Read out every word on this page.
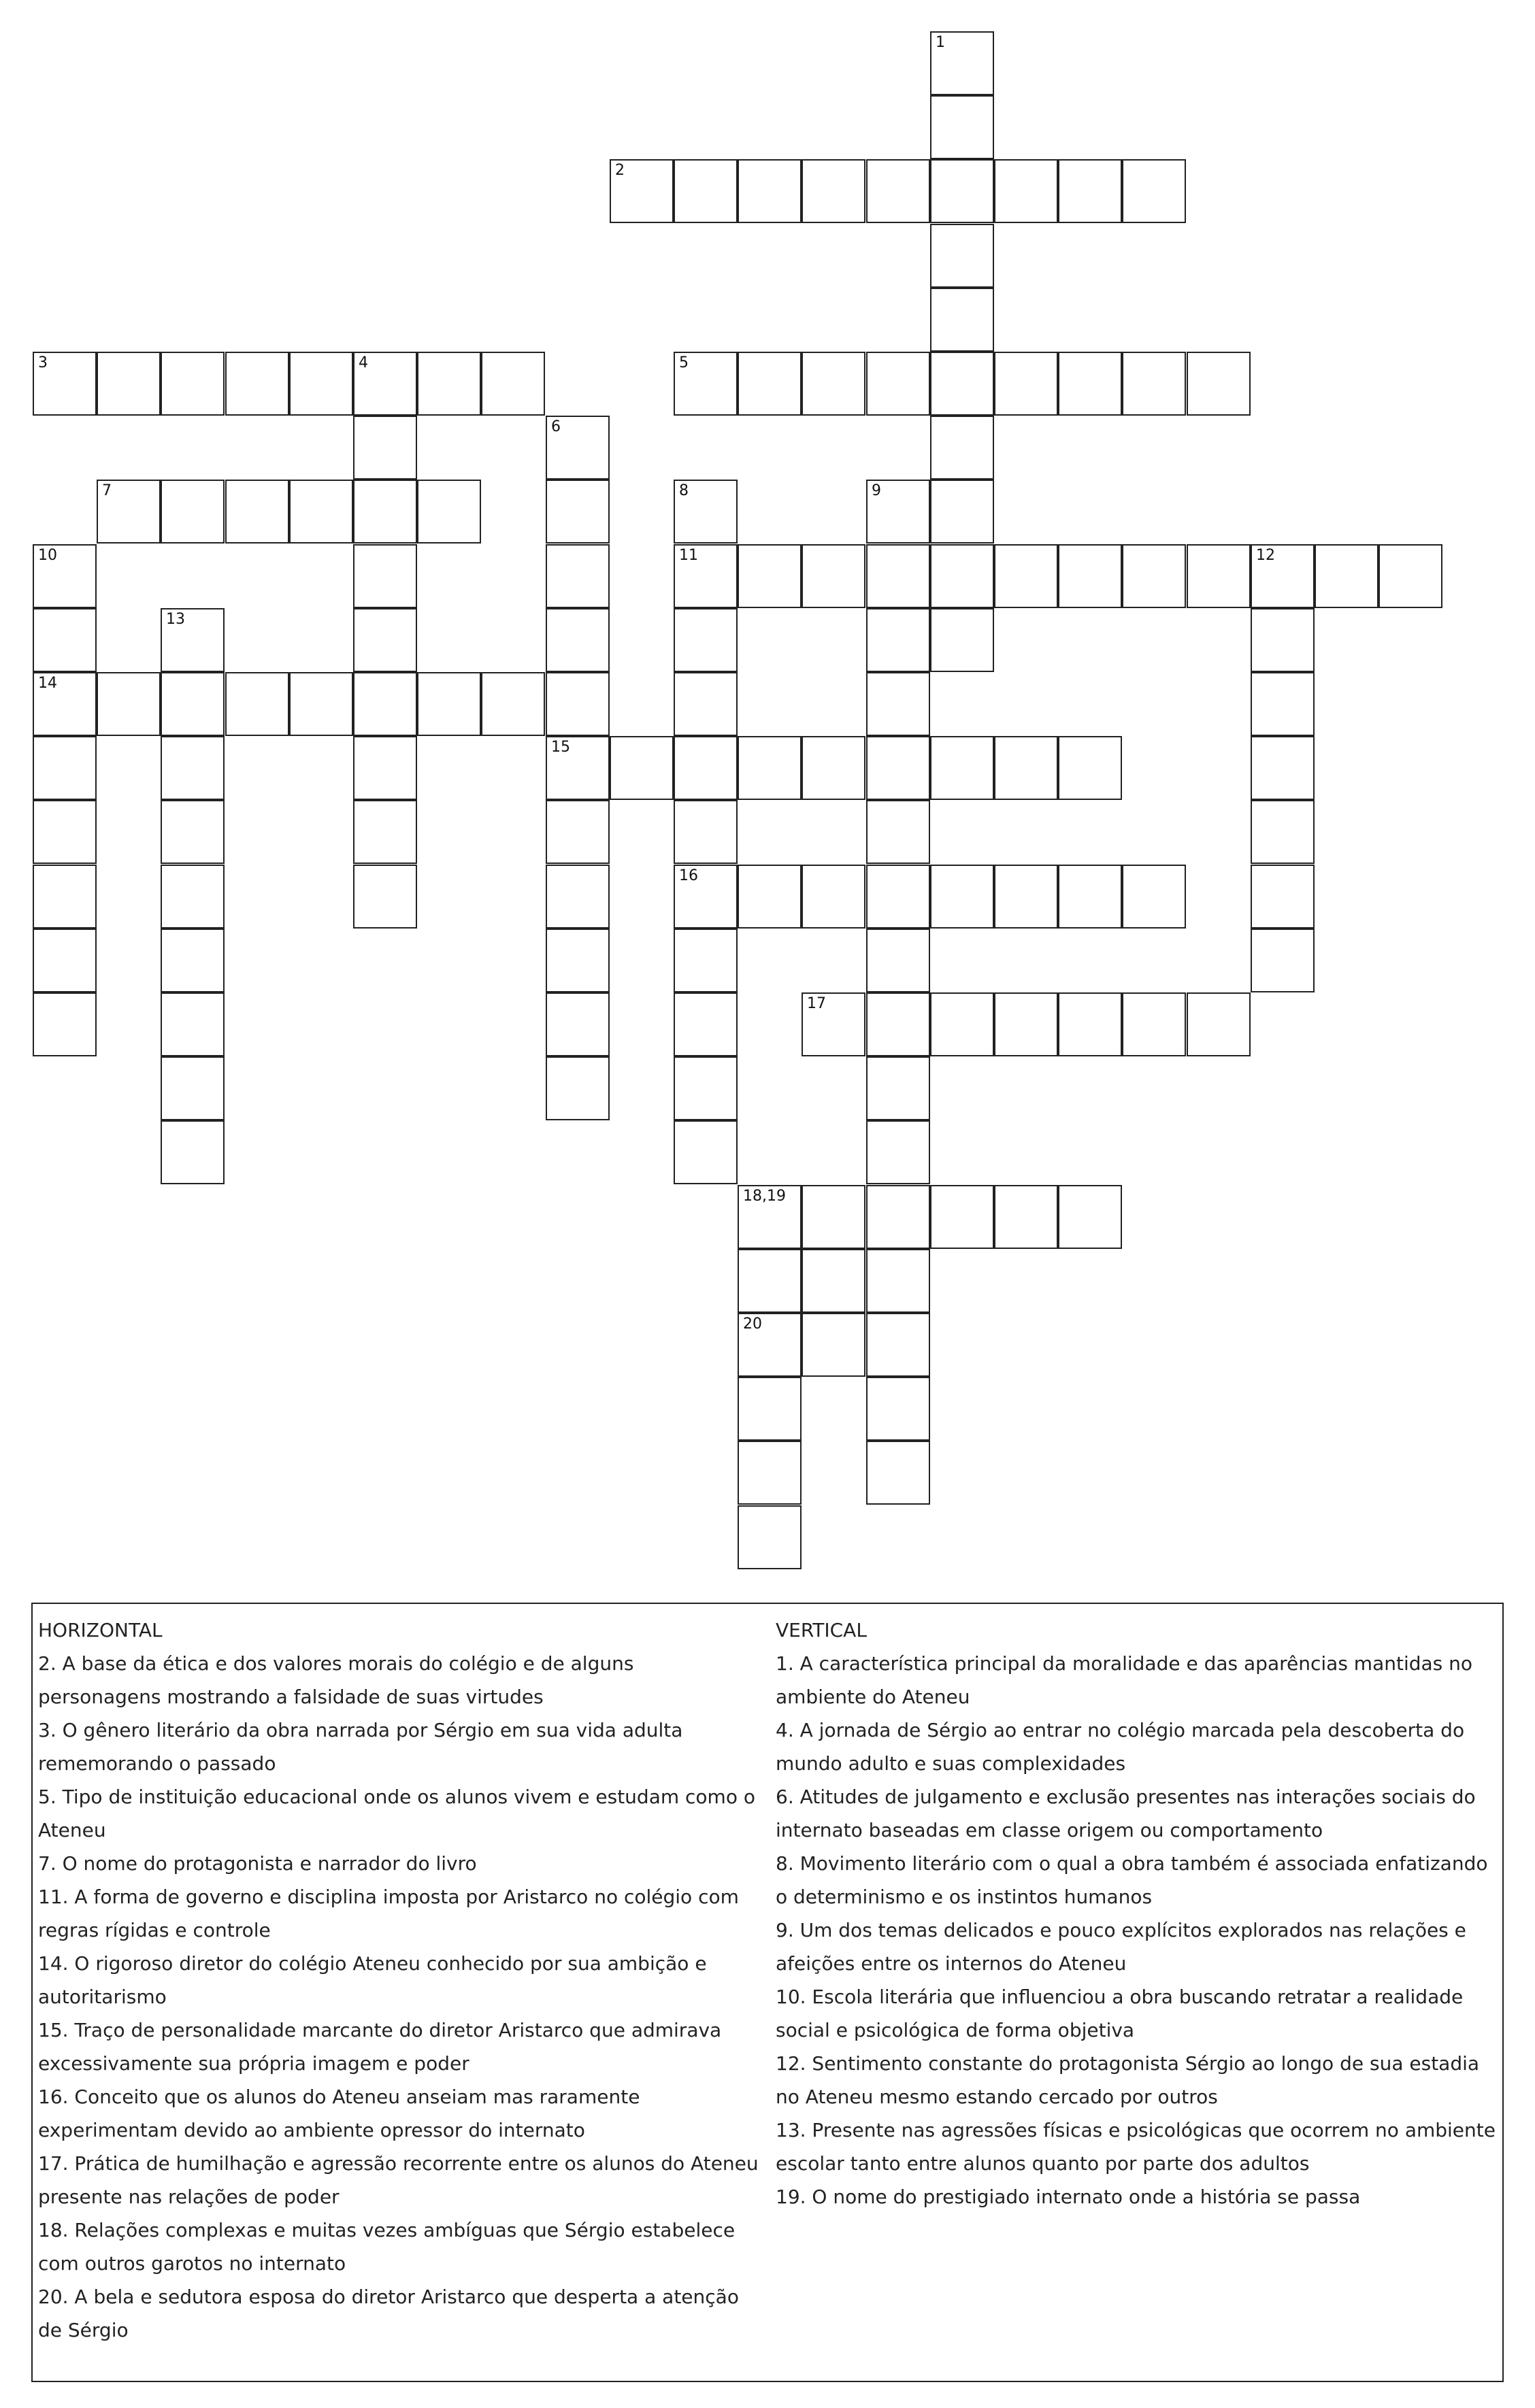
1
2
3	4	5
6
15
7	8	9
10	11	12
13
14
16
17
18,19
20
HORIZONTAL
2. A base da ética e dos valores morais do colégio e de alguns personagens mostrando a falsidade de suas virtudes
3. O gênero literário da obra narrada por Sérgio em sua vida adulta rememorando o passado
5. Tipo de instituição educacional onde os alunos vivem e estudam como o Ateneu
7. O nome do protagonista e narrador do livro
11. A forma de governo e disciplina imposta por Aristarco no colégio com regras rígidas e controle
14. O rigoroso diretor do colégio Ateneu conhecido por sua ambição e autoritarismo
15. Traço de personalidade marcante do diretor Aristarco que admirava excessivamente sua própria imagem e poder
16. Conceito que os alunos do Ateneu anseiam mas raramente experimentam devido ao ambiente opressor do internato
17. Prática de humilhação e agressão recorrente entre os alunos do Ateneu presente nas relações de poder
18. Relações complexas e muitas vezes ambíguas que Sérgio estabelece com outros garotos no internato
20. A bela e sedutora esposa do diretor Aristarco que desperta a atenção de Sérgio
VERTICAL
1. A característica principal da moralidade e das aparências mantidas no ambiente do Ateneu
4. A jornada de Sérgio ao entrar no colégio marcada pela descoberta do mundo adulto e suas complexidades
6. Atitudes de julgamento e exclusão presentes nas interações sociais do internato baseadas em classe origem ou comportamento
8. Movimento literário com o qual a obra também é associada enfatizando o determinismo e os instintos humanos
9. Um dos temas delicados e pouco explícitos explorados nas relações e afeições entre os internos do Ateneu
10. Escola literária que influenciou a obra buscando retratar a realidade social e psicológica de forma objetiva
12. Sentimento constante do protagonista Sérgio ao longo de sua estadia no Ateneu mesmo estando cercado por outros
13. Presente nas agressões físicas e psicológicas que ocorrem no ambiente escolar tanto entre alunos quanto por parte dos adultos
19. O nome do prestigiado internato onde a história se passa
